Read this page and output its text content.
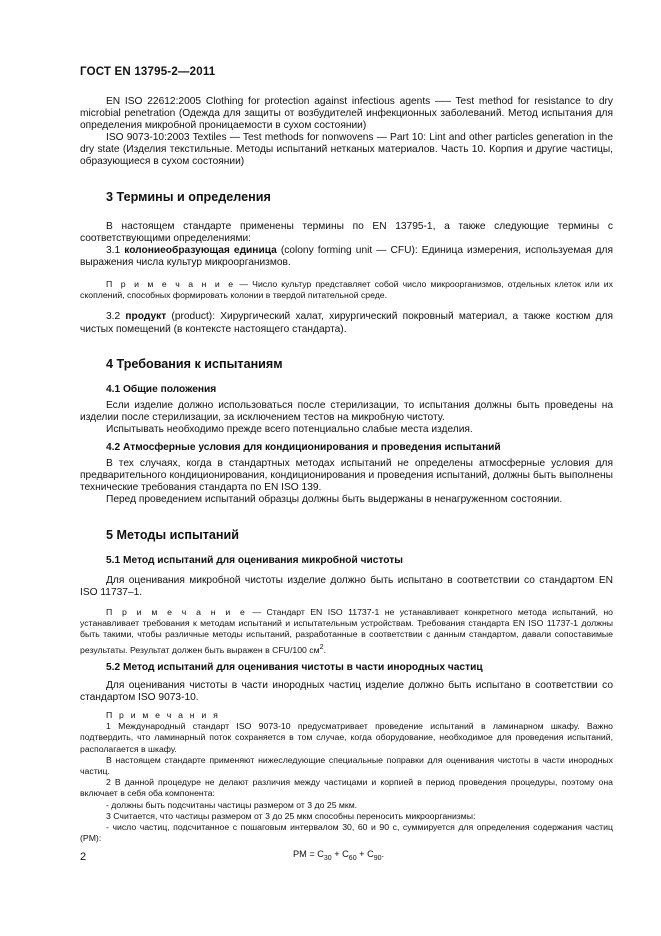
ГОСТ EN 13795-2—2011

EN ISO 22612:2005 Clothing for protection against infectious agents —– Test method for resistance to dry microbial penetration (Одежда для защиты от возбудителей инфекционных заболеваний. Метод испытания для определения микробной проницаемости в сухом состоянии)

ISO 9073-10:2003 Textiles — Test methods for nonwovens — Part 10: Lint and other particles generation in the dry state (Изделия текстильные. Методы испытаний нетканых материалов. Часть 10. Корпия и другие частицы, образующиеся в сухом состоянии)

3 Термины и определения

В настоящем стандарте применены термины по EN 13795-1, а также следующие термины с соответствующими определениями:

3.1 колониеобразующая единица (colony forming unit — CFU): Единица измерения, используемая для выражения числа культур микроорганизмов.

П р и м е ч а н и е — Число культур представляет собой число микроорганизмов, отдельных клеток или их скоплений, способных формировать колонии в твердой питательной среде.

3.2 продукт (product): Хирургический халат, хирургический покровный материал, а также костюм для чистых помещений (в контексте настоящего стандарта).

4 Требования к испытаниям

4.1 Общие положения

Если изделие должно использоваться после стерилизации, то испытания должны быть проведены на изделии после стерилизации, за исключением тестов на микробную чистоту.

Испытывать необходимо прежде всего потенциально слабые места изделия.

4.2 Атмосферные условия для кондиционирования и проведения испытаний

В тех случаях, когда в стандартных методах испытаний не определены атмосферные условия для предварительного кондиционирования, кондиционирования и проведения испытаний, должны быть выполнены технические требования стандарта по EN ISO 139.

Перед проведением испытаний образцы должны быть выдержаны в ненагруженном состоянии.

5 Методы испытаний

5.1 Метод испытаний для оценивания микробной чистоты

Для оценивания микробной чистоты изделие должно быть испытано в соответствии со стандартом EN ISO 11737–1.

П р и м е ч а н и е — Стандарт EN ISO 11737-1 не устанавливает конкретного метода испытаний, но устанавливает требования к методам испытаний и испытательным устройствам. Требования стандарта EN ISO 11737-1 должны быть такими, чтобы различные методы испытаний, разработанные в соответствии с данным стандартом, давали сопоставимые результаты. Результат должен быть выражен в CFU/100 $см^2$.

5.2 Метод испытаний для оценивания чистоты в части инородных частиц

Для оценивания чистоты в части инородных частиц изделие должно быть испытано в соответствии со стандартом ISO 9073-10.

П р и м е ч а н и я

1 Международный стандарт ISO 9073-10 предусматривает проведение испытаний в ламинарном шкафу. Важно подтвердить, что ламинарный поток сохраняется в том случае, когда оборудование, необходимое для проведения испытаний, располагается в шкафу.

В настоящем стандарте применяют нижеследующие специальные поправки для оценивания чистоты в части инородных частиц.

2 В данной процедуре не делают различия между частицами и корпией в период проведения процедуры, поэтому она включает в себя оба компонента:

- должны быть подсчитаны частицы размером от 3 до 25 мкм.

3 Считается, что частицы размером от 3 до 25 мкм способны переносить микроорганизмы:

- число частиц, подсчитанное с пошаговым интервалом 30, 60 и 90 с, суммируется для определения содержания частиц (PM):

PM = $C_{30} + C_{60} + C_{90}$.

2
